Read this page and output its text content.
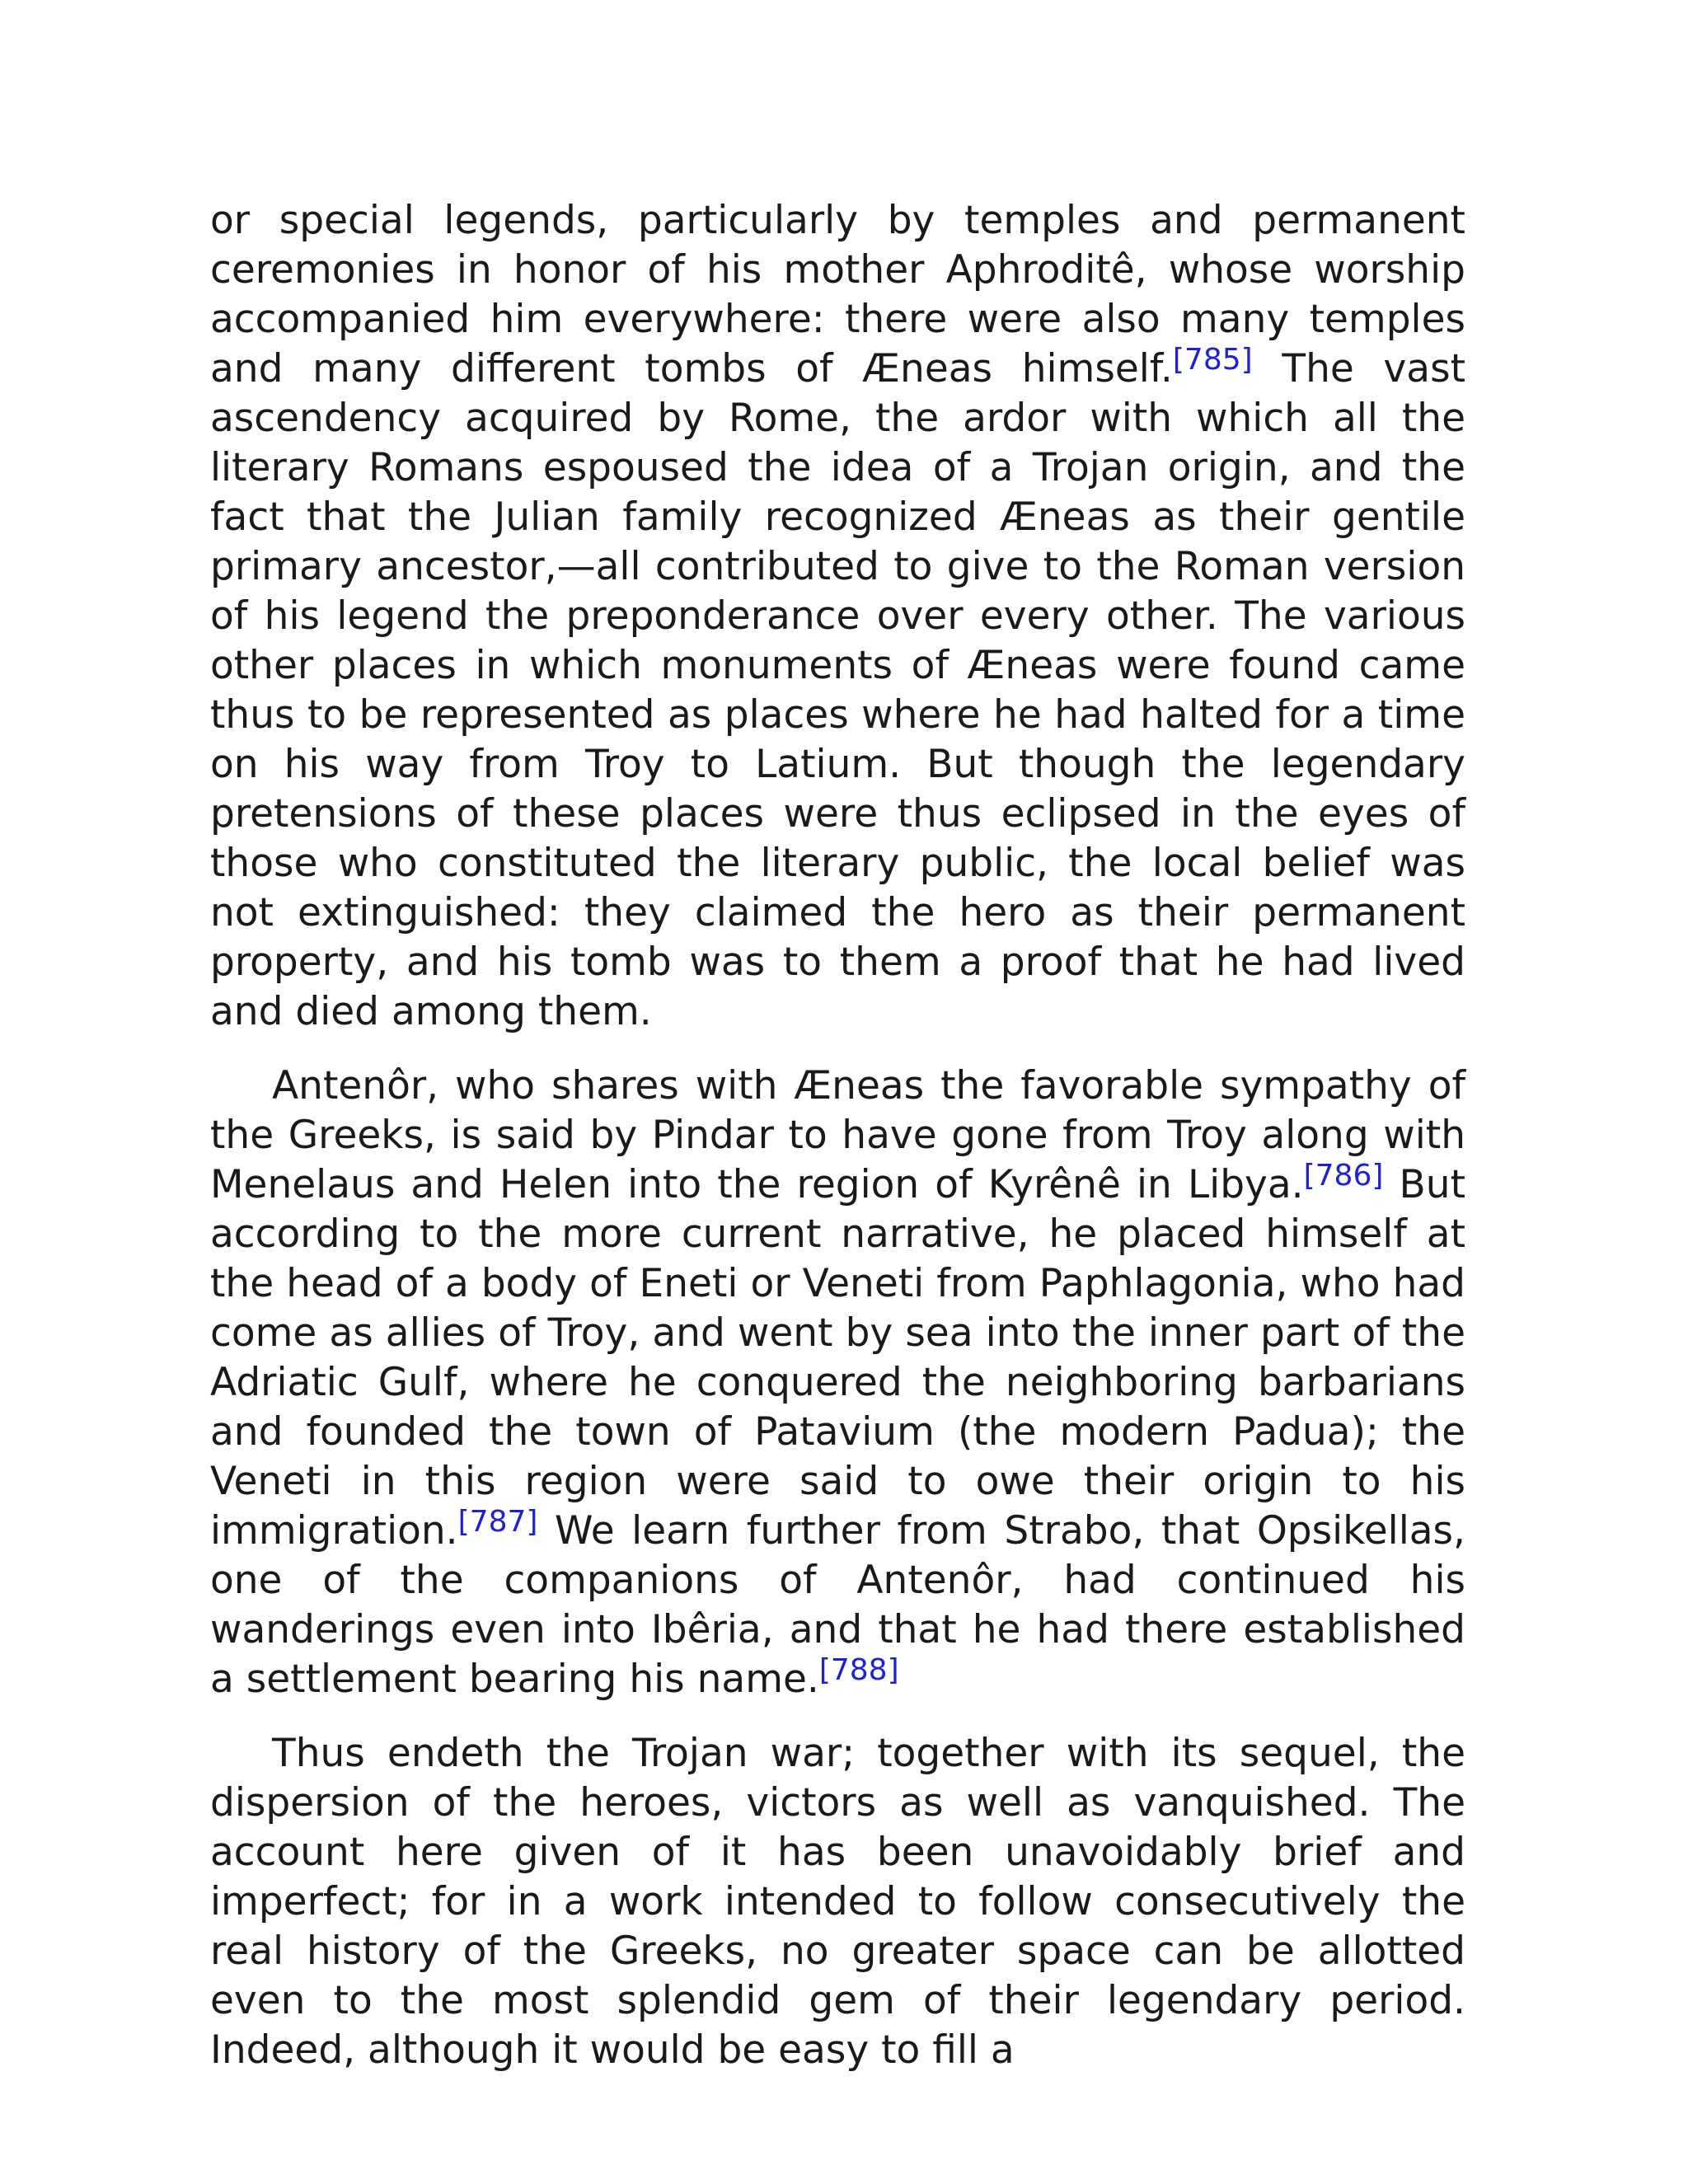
or special legends, particularly by temples and permanent ceremonies in honor of his mother Aphroditê, whose worship accompanied him everywhere: there were also many temples and many different tombs of Æneas himself.[785] The vast ascendency acquired by Rome, the ardor with which all the literary Romans espoused the idea of a Trojan origin, and the fact that the Julian family recognized Æneas as their gentile primary ancestor,—all contributed to give to the Roman version of his legend the preponderance over every other. The various other places in which monuments of Æneas were found came thus to be represented as places where he had halted for a time on his way from Troy to Latium. But though the legendary pretensions of these places were thus eclipsed in the eyes of those who constituted the literary public, the local belief was not extinguished: they claimed the hero as their permanent property, and his tomb was to them a proof that he had lived and died among them.

Antenôr, who shares with Æneas the favorable sympathy of the Greeks, is said by Pindar to have gone from Troy along with Menelaus and Helen into the region of Kyrênê in Libya.[786] But according to the more current narrative, he placed himself at the head of a body of Eneti or Veneti from Paphlagonia, who had come as allies of Troy, and went by sea into the inner part of the Adriatic Gulf, where he conquered the neighboring barbarians and founded the town of Patavium (the modern Padua); the Veneti in this region were said to owe their origin to his immigration.[787] We learn further from Strabo, that Opsikellas, one of the companions of Antenôr, had continued his wanderings even into Ibêria, and that he had there established a settlement bearing his name.[788]

Thus endeth the Trojan war; together with its sequel, the dispersion of the heroes, victors as well as vanquished. The account here given of it has been unavoidably brief and imperfect; for in a work intended to follow consecutively the real history of the Greeks, no greater space can be allotted even to the most splendid gem of their legendary period. Indeed, although it would be easy to fill a
